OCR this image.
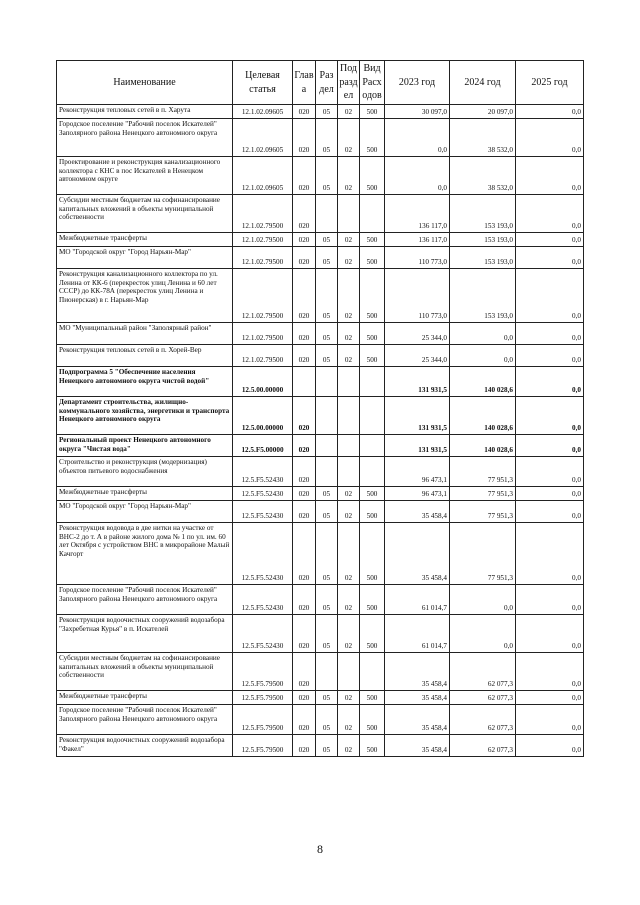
Наименование	Целевая статья	Глав а	Раз дел	Под разд ел	Вид Расх одов	2023 год	2024 год	2025 год
Реконструкция тепловых сетей в п. Харута	12.1.02.09605	020	05	02	500	30 097,0	20 097,0	0,0
Городское поселение "Рабочий поселок Искателей" Заполярного района Ненецкого автономного округа	12.1.02.09605	020	05	02	500	0,0	38 532,0	0,0
Проектирование и реконструкция канализационного коллектора с КНС в пос Искателей в Ненецком автономном округе	12.1.02.09605	020	05	02	500	0,0	38 532,0	0,0
Субсидии местным бюджетам на софинансирование капитальных вложений в объекты муниципальной собственности	12.1.02.79500	020				136 117,0	153 193,0	0,0
Межбюджетные трансферты	12.1.02.79500	020	05	02	500	136 117,0	153 193,0	0,0
МО "Городской округ "Город Нарьян-Мар"	12.1.02.79500	020	05	02	500	110 773,0	153 193,0	0,0
Реконструкция канализационного коллектора по ул. Ленина от КК-6 (перекресток улиц Ленина и 60 лет СССР) до КК-78А (перекресток улиц Ленина и Пионерская) в г. Нарьян-Мар	12.1.02.79500	020	05	02	500	110 773,0	153 193,0	0,0
МО "Муниципальный район "Заполярный район"	12.1.02.79500	020	05	02	500	25 344,0	0,0	0,0
Реконструкция тепловых сетей в п. Хорей-Вер	12.1.02.79500	020	05	02	500	25 344,0	0,0	0,0
Подпрограмма 5 "Обеспечение населения Ненецкого автономного округа чистой водой"	12.5.00.00000					131 931,5	140 028,6	0,0
Департамент строительства, жилищно-коммунального хозяйства, энергетики и транспорта Ненецкого автономного округа	12.5.00.00000	020				131 931,5	140 028,6	0,0
Региональный проект Ненецкого автономного округа "Чистая вода"	12.5.F5.00000	020				131 931,5	140 028,6	0,0
Строительство и реконструкция (модернизация) объектов питьевого водоснабжения	12.5.F5.52430	020				96 473,1	77 951,3	0,0
Межбюджетные трансферты	12.5.F5.52430	020	05	02	500	96 473,1	77 951,3	0,0
МО "Городской округ "Город Нарьян-Мар"	12.5.F5.52430	020	05	02	500	35 458,4	77 951,3	0,0
Реконструкция водовода в две нитки на участке от ВНС-2 до т. А в районе жилого дома № 1 по ул. им. 60 лет Октября с устройством ВНС в микрорайоне Малый Качгорт	12.5.F5.52430	020	05	02	500	35 458,4	77 951,3	0,0
Городское поселение "Рабочий поселок Искателей" Заполярного района Ненецкого автономного округа	12.5.F5.52430	020	05	02	500	61 014,7	0,0	0,0
Реконструкция водоочистных сооружений водозабора "Захребетная Курья" в п. Искателей	12.5.F5.52430	020	05	02	500	61 014,7	0,0	0,0
Субсидии местным бюджетам на софинансирование капитальных вложений в объекты муниципальной собственности	12.5.F5.79500	020				35 458,4	62 077,3	0,0
Межбюджетные трансферты	12.5.F5.79500	020	05	02	500	35 458,4	62 077,3	0,0
Городское поселение "Рабочий поселок Искателей" Заполярного района Ненецкого автономного округа	12.5.F5.79500	020	05	02	500	35 458,4	62 077,3	0,0
Реконструкция водоочистных сооружений водозабора "Факел"	12.5.F5.79500	020	05	02	500	35 458,4	62 077,3	0,0
8
